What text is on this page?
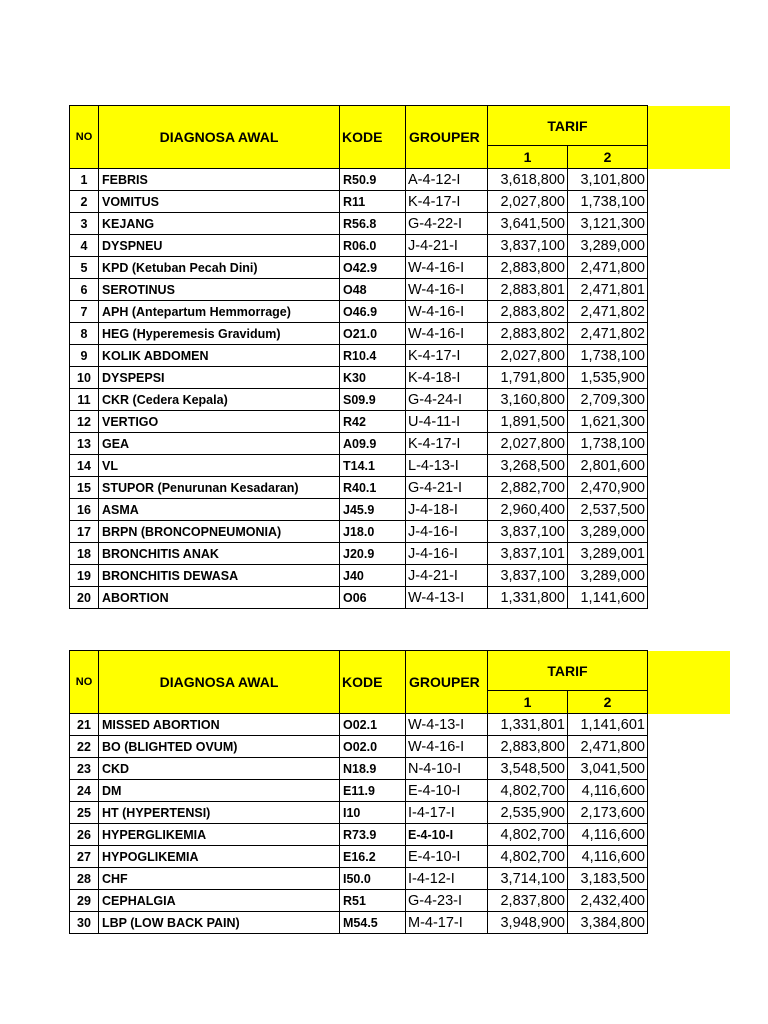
NO	DIAGNOSA AWAL	KODE	GROUPER	TARIF		
				1	2	
1	FEBRIS	R50.9	A-4-12-I	3,618,800	3,101,800	
2	VOMITUS	R11	K-4-17-I	2,027,800	1,738,100	
3	KEJANG	R56.8	G-4-22-I	3,641,500	3,121,300	
4	DYSPNEU	R06.0	J-4-21-I	3,837,100	3,289,000	
5	KPD (Ketuban Pecah Dini)	O42.9	W-4-16-I	2,883,800	2,471,800	
6	SEROTINUS	O48	W-4-16-I	2,883,801	2,471,801	
7	APH (Antepartum Hemmorrage)	O46.9	W-4-16-I	2,883,802	2,471,802	
8	HEG (Hyperemesis Gravidum)	O21.0	W-4-16-I	2,883,802	2,471,802	
9	KOLIK ABDOMEN	R10.4	K-4-17-I	2,027,800	1,738,100	
10	DYSPEPSI	K30	K-4-18-I	1,791,800	1,535,900	
11	CKR (Cedera Kepala)	S09.9	G-4-24-I	3,160,800	2,709,300	
12	VERTIGO	R42	U-4-11-I	1,891,500	1,621,300	
13	GEA	A09.9	K-4-17-I	2,027,800	1,738,100	
14	VL	T14.1	L-4-13-I	3,268,500	2,801,600	
15	STUPOR (Penurunan Kesadaran)	R40.1	G-4-21-I	2,882,700	2,470,900	
16	ASMA	J45.9	J-4-18-I	2,960,400	2,537,500	
17	BRPN (BRONCOPNEUMONIA)	J18.0	J-4-16-I	3,837,100	3,289,000	
18	BRONCHITIS ANAK	J20.9	J-4-16-I	3,837,101	3,289,001	
19	BRONCHITIS DEWASA	J40	J-4-21-I	3,837,100	3,289,000	
20	ABORTION	O06	W-4-13-I	1,331,800	1,141,600	
NO	DIAGNOSA AWAL	KODE	GROUPER	TARIF		
				1	2	
21	MISSED ABORTION	O02.1	W-4-13-I	1,331,801	1,141,601	
22	BO (BLIGHTED OVUM)	O02.0	W-4-16-I	2,883,800	2,471,800	
23	CKD	N18.9	N-4-10-I	3,548,500	3,041,500	
24	DM	E11.9	E-4-10-I	4,802,700	4,116,600	
25	HT (HYPERTENSI)	I10	I-4-17-I	2,535,900	2,173,600	
26	HYPERGLIKEMIA	R73.9	E-4-10-I	4,802,700	4,116,600	
27	HYPOGLIKEMIA	E16.2	E-4-10-I	4,802,700	4,116,600	
28	CHF	I50.0	I-4-12-I	3,714,100	3,183,500	
29	CEPHALGIA	R51	G-4-23-I	2,837,800	2,432,400	
30	LBP (LOW BACK PAIN)	M54.5	M-4-17-I	3,948,900	3,384,800	
